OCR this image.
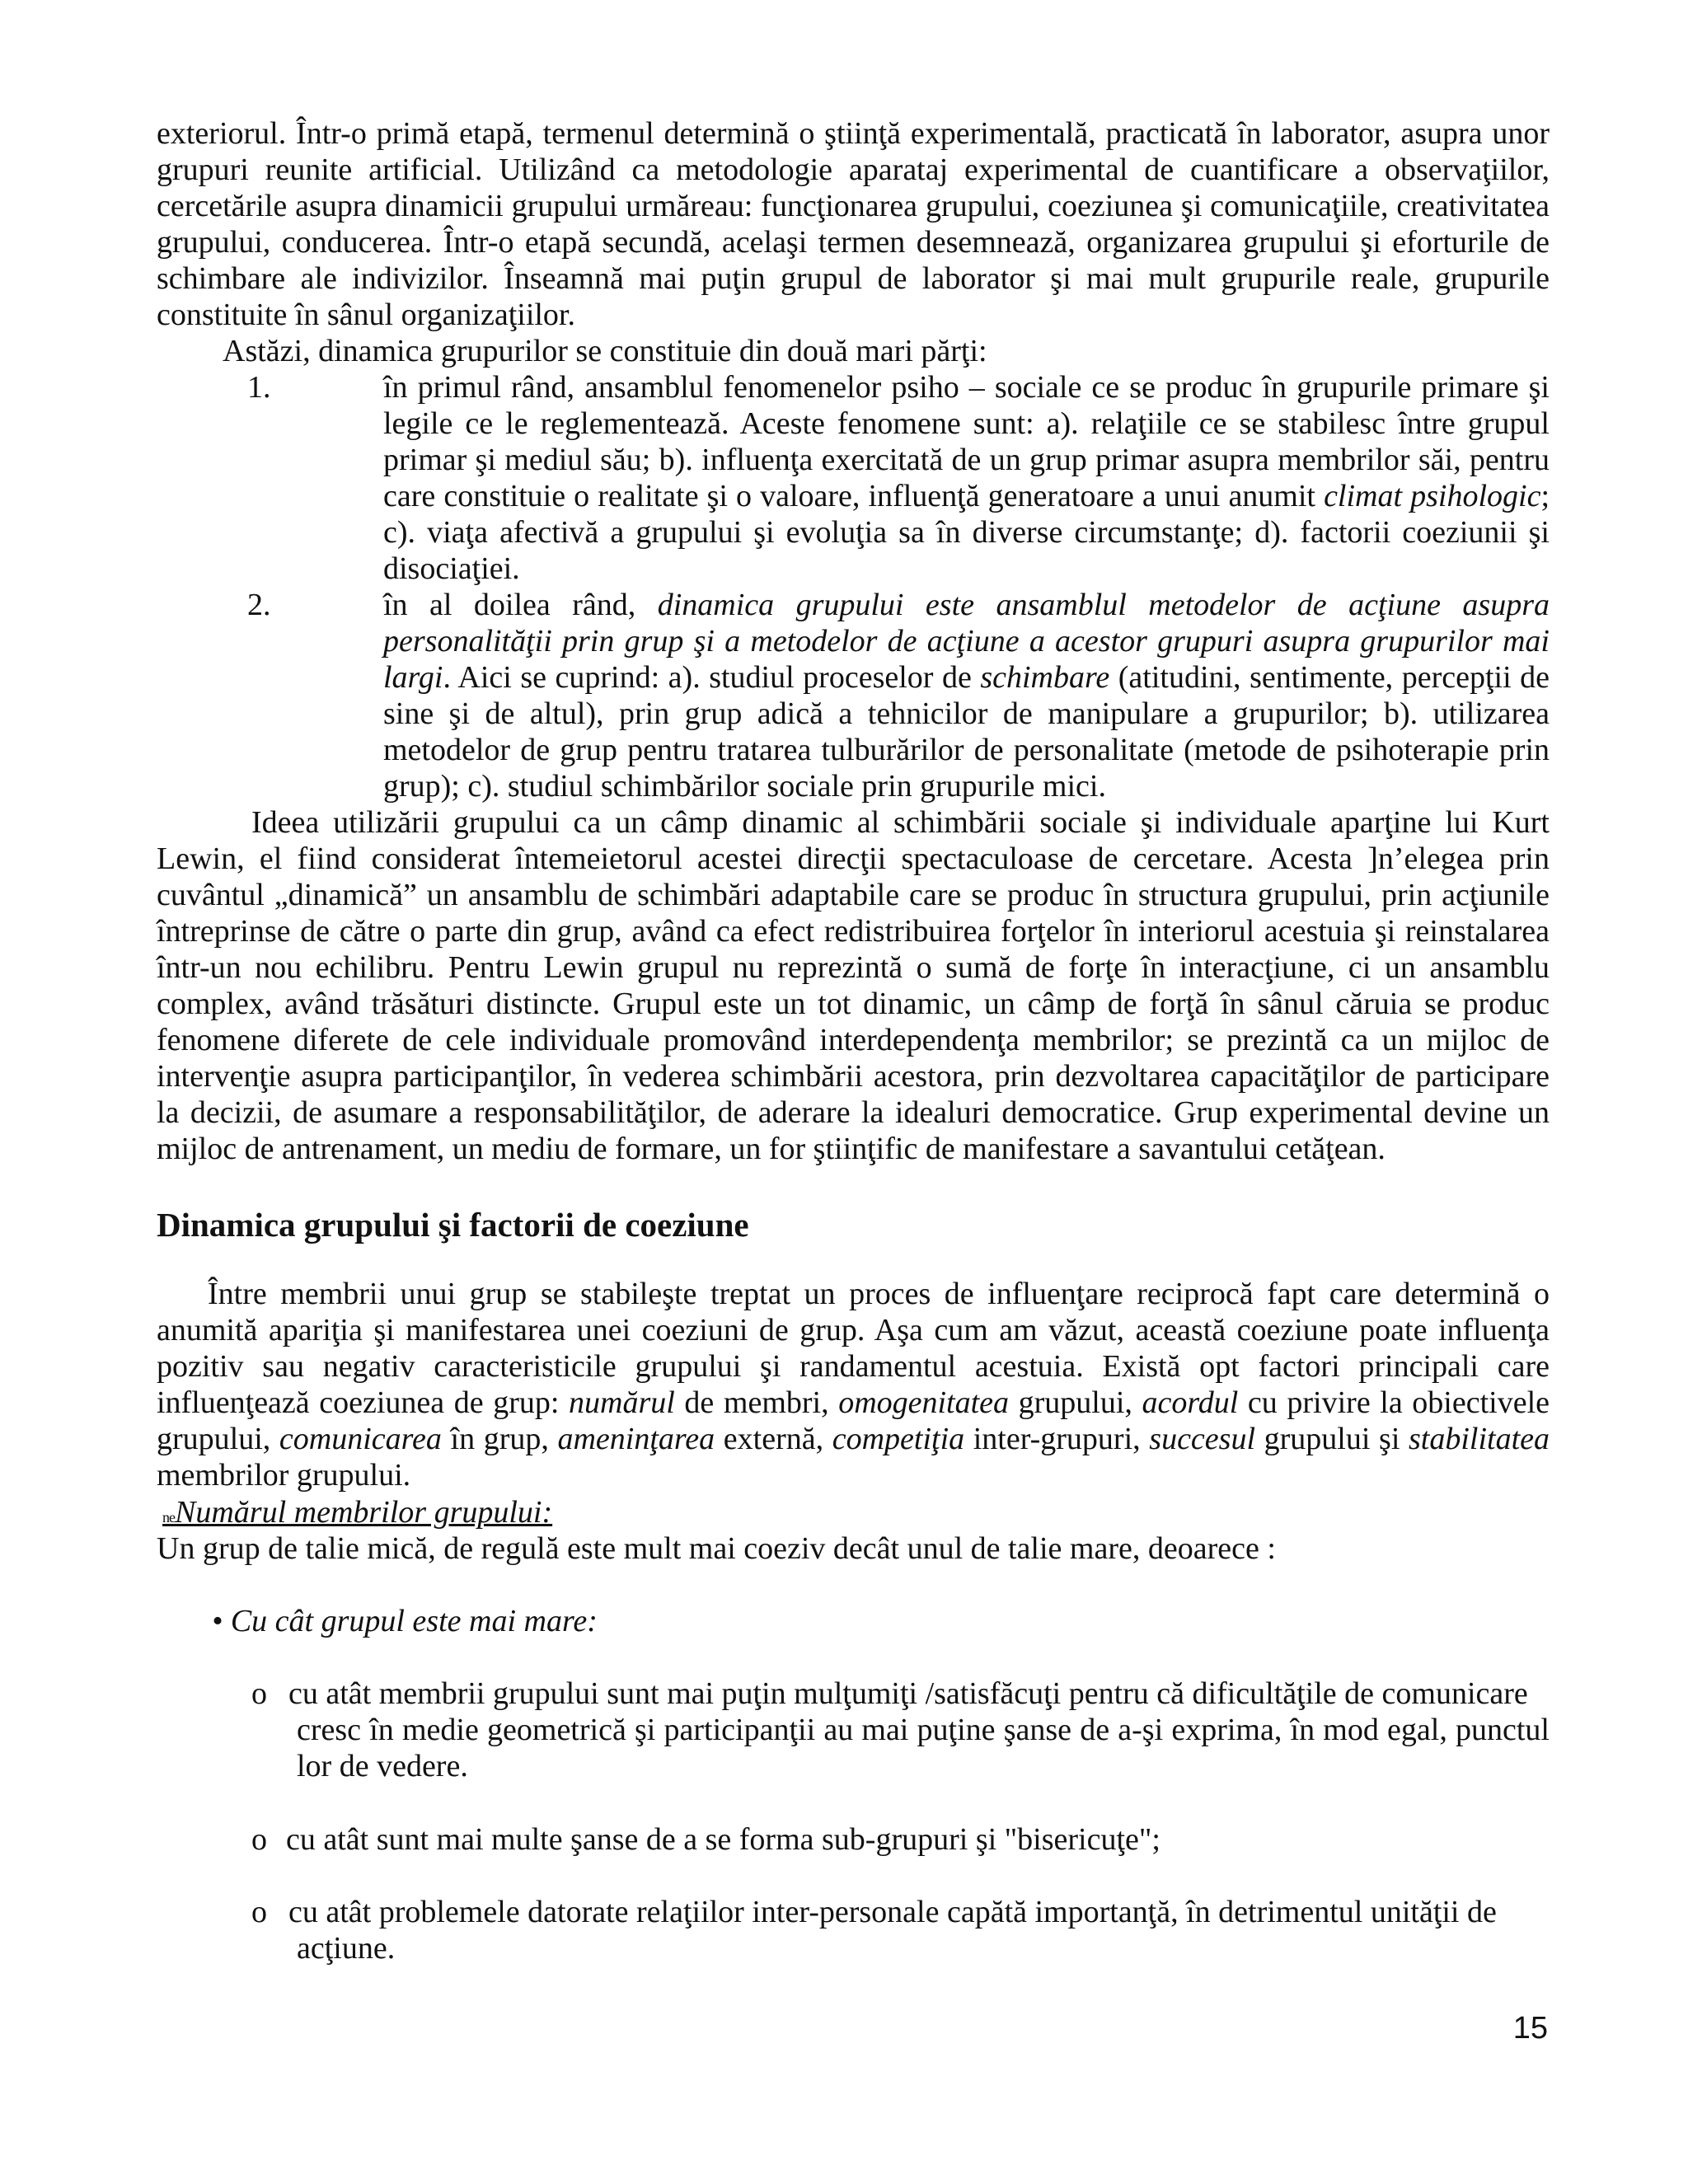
exteriorul. Într-o primă etapă, termenul determină o ştiinţă experimentală, practicată în laborator, asupra unor grupuri reunite artificial. Utilizând ca metodologie aparataj experimental de cuantificare a observaţiilor, cercetările asupra dinamicii grupului urmăreau: funcţionarea grupului, coeziunea şi comunicaţiile, creativitatea grupului, conducerea. Într-o etapă secundă, acelaşi termen desemnează, organizarea grupului şi eforturile de schimbare ale indivizilor. Înseamnă mai puţin grupul de laborator şi mai mult grupurile reale, grupurile constituite în sânul organizaţiilor.

Astăzi, dinamica grupurilor se constituie din două mari părţi:

1.	în primul rând, ansamblul fenomenelor psiho – sociale ce se produc în grupurile primare şi legile ce le reglementează. Aceste fenomene sunt: a). relaţiile ce se stabilesc între grupul primar şi mediul său; b). influenţa exercitată de un grup primar asupra membrilor săi, pentru care constituie o realitate şi o valoare, influenţă generatoare a unui anumit climat psihologic; c). viaţa afectivă a grupului şi evoluţia sa în diverse circumstanţe; d). factorii coeziunii şi disociaţiei.
2.	în al doilea rând, dinamica grupului este ansamblul metodelor de acţiune asupra personalităţii prin grup şi a metodelor de acţiune a acestor grupuri asupra grupurilor mai largi. Aici se cuprind: a). studiul proceselor de schimbare (atitudini, sentimente, percepţii de sine şi de altul), prin grup adică a tehnicilor de manipulare a grupurilor; b). utilizarea metodelor de grup pentru tratarea tulburărilor de personalitate (metode de psihoterapie prin grup); c). studiul schimbărilor sociale prin grupurile mici.

Ideea utilizării grupului ca un câmp dinamic al schimbării sociale şi individuale aparţine lui Kurt Lewin, el fiind considerat întemeietorul acestei direcţii spectaculoase de cercetare. Acesta ]n’elegea prin cuvântul „dinamică” un ansamblu de schimbări adaptabile care se produc în structura grupului, prin acţiunile întreprinse de către o parte din grup, având ca efect redistribuirea forţelor în interiorul acestuia şi reinstalarea într-un nou echilibru. Pentru Lewin grupul nu reprezintă o sumă de forţe în interacţiune, ci un ansamblu complex, având trăsături distincte. Grupul este un tot dinamic, un câmp de forţă în sânul căruia se produc fenomene diferete de cele individuale promovând interdependenţa membrilor; se prezintă ca un mijloc de intervenţie asupra participanţilor, în vederea schimbării acestora, prin dezvoltarea capacităţilor de participare la decizii, de asumare a responsabilităţilor, de aderare la idealuri democratice. Grup experimental devine un mijloc de antrenament, un mediu de formare, un for ştiinţific de manifestare a savantului cetăţean.

Dinamica grupului şi factorii de coeziune

Între membrii unui grup se stabileşte treptat un proces de influenţare reciprocă fapt care determină o anumită apariţia şi manifestarea unei coeziuni de grup. Aşa cum am văzut, această coeziune poate influenţa pozitiv sau negativ caracteristicile grupului şi randamentul acestuia. Există opt factori principali care influenţează coeziunea de grup: numărul de membri, omogenitatea grupului, acordul cu privire la obiectivele grupului, comunicarea în grup, ameninţarea externă, competiţia inter-grupuri, succesul grupului şi stabilitatea membrilor grupului.

neNumărul membrilor grupului:
Un grup de talie mică, de regulă este mult mai coeziv decât unul de talie mare, deoarece :
• Cu cât grupul este mai mare:
o cu atât membrii grupului sunt mai puţin mulţumiţi /satisfăcuţi pentru că dificultăţile de comunicare
cresc în medie geometrică şi participanţii au mai puţine şanse de a-şi exprima, în mod egal, punctul lor de vedere.
o cu atât sunt mai multe şanse de a se forma sub-grupuri şi "bisericuţe";
o cu atât problemele datorate relaţiilor inter-personale capătă importanţă, în detrimentul unităţii de
acţiune.
15
